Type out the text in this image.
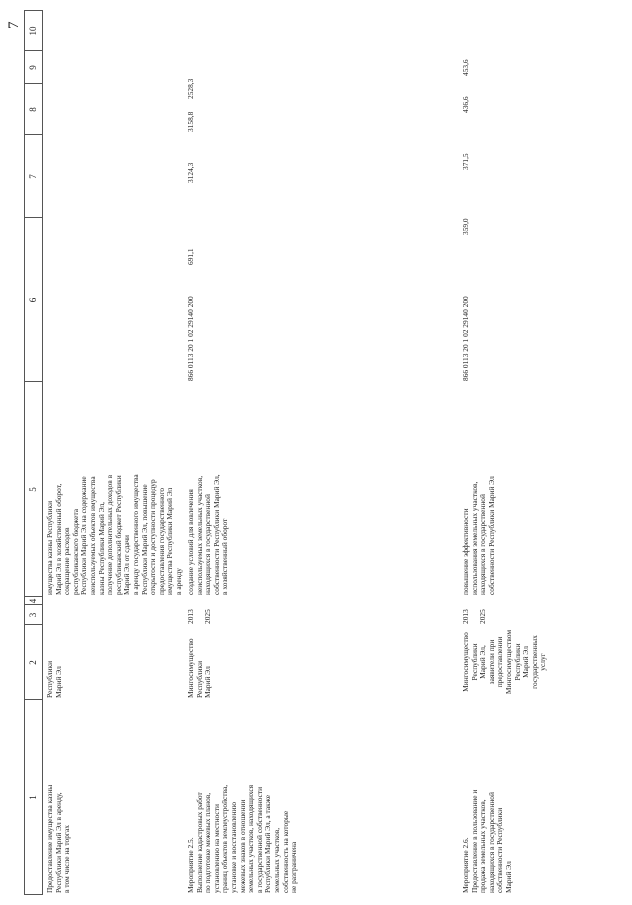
7
1
2
3
4
5
6
7
8
9
10
Предоставление имущества казны Республики Марий Эл в аренду, в том числе на торгах
Республики Марий Эл
имущества казны Республики Марий Эл в хозяйственный оборот, сокращение расходов республиканского бюджета Республики Марий Эл на содержание неиспользуемых объектов имущества казны Республики Марий Эл, получение дополнительных доходов в республиканский бюджет Республики Марий Эл от сдачи в аренду государственного имущества Республики Марий Эл, повышение открытости и доступности процедур предоставления государственного имущества Республики Марий Эл в аренду
Мероприятие 2.5. Выполнение кадастровых работ по подготовке межевых планов, установлению на местности границ объектов землеустройства, установке и восстановлению межевых знаков в отношении земельных участков, находящихся в государственной собственности Республики Марий Эл, а также земельных участков, собственность на которые не разграничена
Мингосимущество Республики Марий Эл
2013 2025
создание условий для вовлечения неиспользуемых земельных участков, находящихся в государственной собственности Республики Марий Эл, в хозяйственный оборот
866 0113 20 1 02 29140 200
691,1
3124,3
3158,8
2528,3
Мероприятие 2.6. Предоставление в пользование и продажа земельных участков, находящихся в государственной собственности Республики Марий Эл
Мингосимущество Республики Марий Эл, заявители при предоставлении Мингосимуществом Республики Марий Эл государственных услуг
2013 2025
повышение эффективности использования земельных участков, находящихся в государственной собственности Республики Марий Эл
866 0113 20 1 02 29140 200
359,0
371,5
436,6
453,6
